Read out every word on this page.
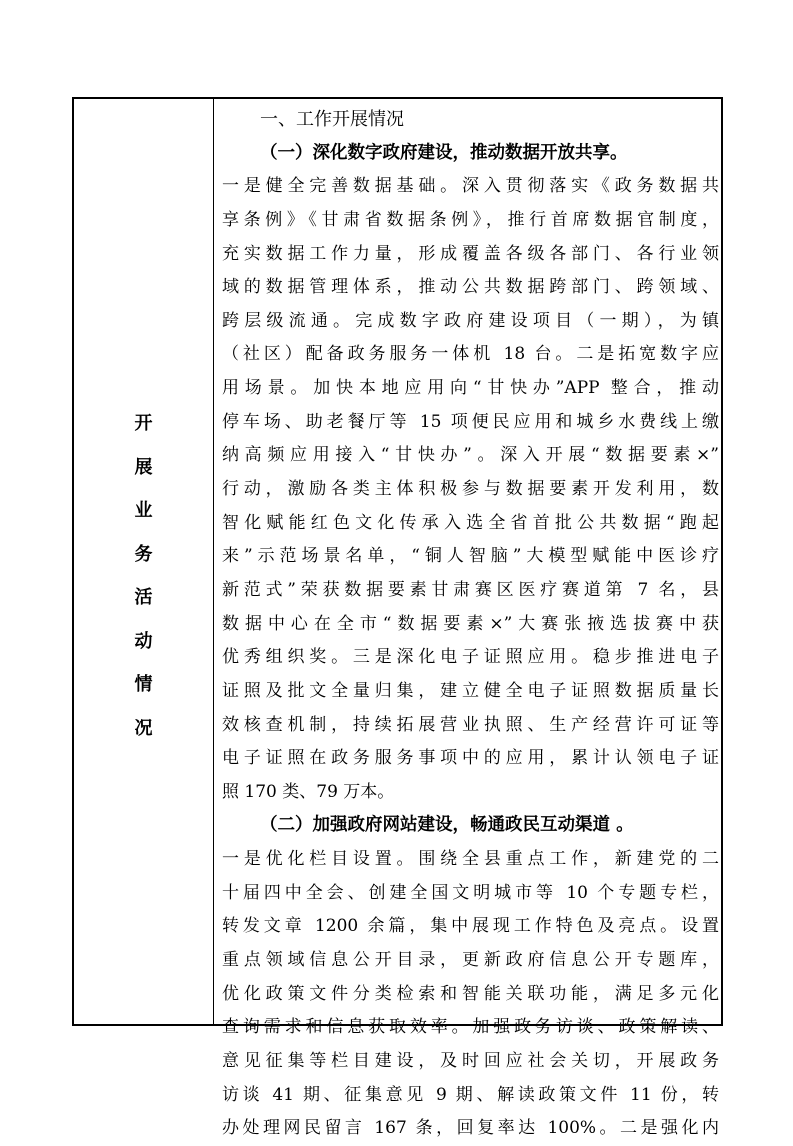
开
展
业
务
活
动
情
况
一、工作开展情况
（一）深化数字政府建设，推动数据开放共享。
一是健全完善数据基础。深入贯彻落实《政务数据共
享条例》《甘肃省数据条例》，推行首席数据官制度，
充实数据工作力量，形成覆盖各级各部门、各行业领
域的数据管理体系，推动公共数据跨部门、跨领域、
跨层级流通。完成数字政府建设项目（一期），为镇
（社区）配备政务服务一体机 18 台。二是拓宽数字应
用场景。加快本地应用向“甘快办”APP 整合，推动
停车场、助老餐厅等 15 项便民应用和城乡水费线上缴
纳高频应用接入“甘快办”。深入开展“数据要素×”
行动，激励各类主体积极参与数据要素开发利用，数
智化赋能红色文化传承入选全省首批公共数据“跑起
来”示范场景名单，“铜人智脑”大模型赋能中医诊疗
新范式”荣获数据要素甘肃赛区医疗赛道第 7 名，县
数据中心在全市“数据要素×”大赛张掖选拔赛中获
优秀组织奖。三是深化电子证照应用。稳步推进电子
证照及批文全量归集，建立健全电子证照数据质量长
效核查机制，持续拓展营业执照、生产经营许可证等
电子证照在政务服务事项中的应用，累计认领电子证
照 170 类、79 万本。
（二）加强政府网站建设，畅通政民互动渠道 。
一是优化栏目设置。围绕全县重点工作，新建党的二
十届四中全会、创建全国文明城市等 10 个专题专栏，
转发文章 1200 余篇，集中展现工作特色及亮点。设置
重点领域信息公开目录，更新政府信息公开专题库，
优化政策文件分类检索和智能关联功能，满足多元化
查询需求和信息获取效率。加强政务访谈、政策解读、
意见征集等栏目建设，及时回应社会关切，开展政务
访谈 41 期、征集意见 9 期、解读政策文件 11 份，转
办处理网民留言 167 条，回复率达 100%。二是强化内
